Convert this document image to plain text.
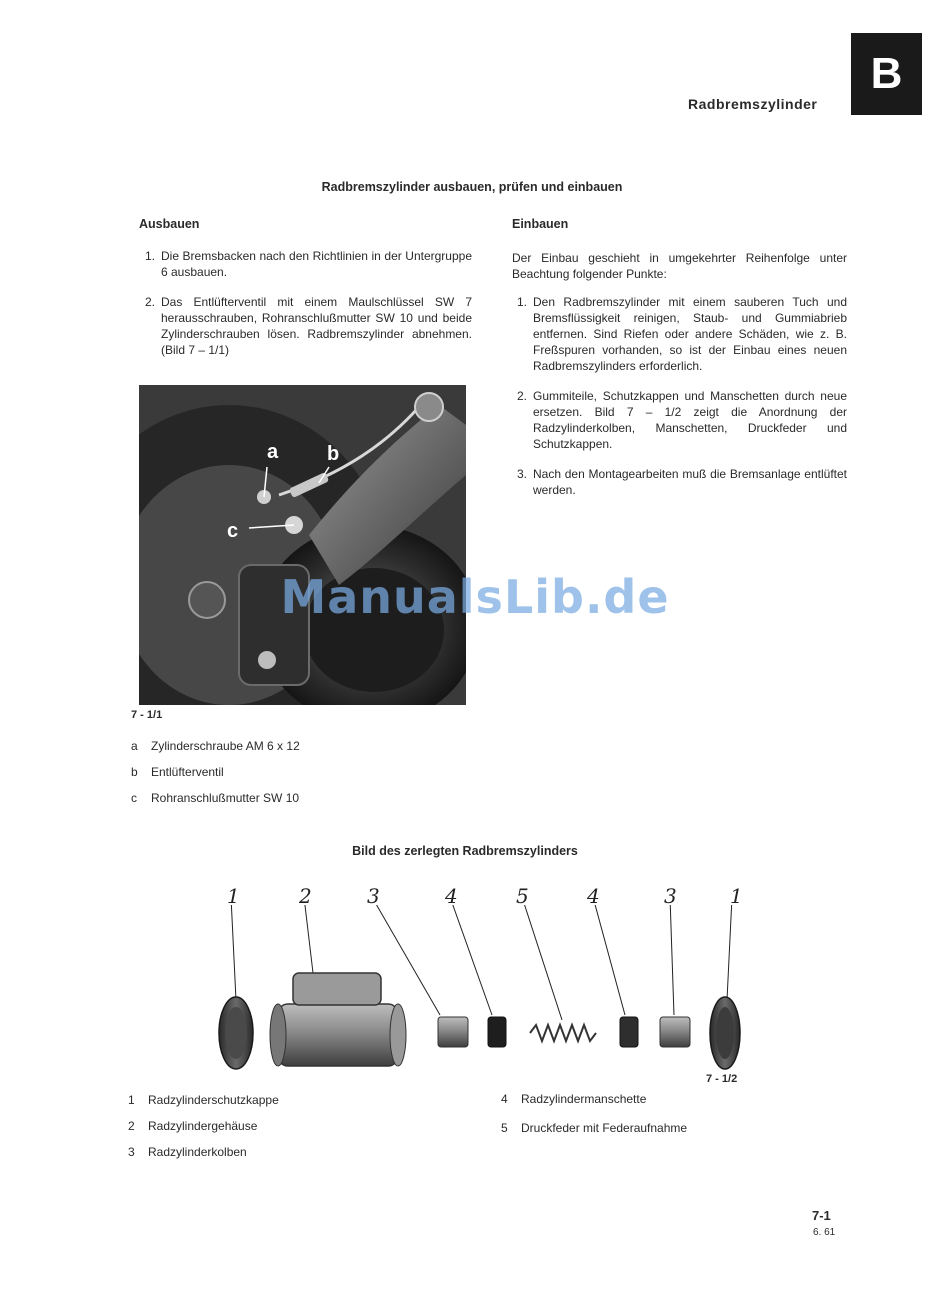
B
Radbremszylinder
Radbremszylinder ausbauen, prüfen und einbauen
Ausbauen
1. Die Bremsbacken nach den Richtlinien in der Untergruppe 6 ausbauen.
2. Das Entlüfterventil mit einem Maulschlüssel SW 7 herausschrauben, Rohranschlußmutter SW 10 und beide Zylinderschrauben lösen. Radbremszylinder abnehmen. (Bild 7 – 1/1)
Einbauen
Der Einbau geschieht in umgekehrter Reihenfolge unter Beachtung folgender Punkte:
1. Den Radbremszylinder mit einem sauberen Tuch und Bremsflüssigkeit reinigen, Staub- und Gummiabrieb entfernen. Sind Riefen oder andere Schäden, wie z. B. Freßspuren vorhanden, so ist der Einbau eines neuen Radbremszylinders erforderlich.
2. Gummiteile, Schutzkappen und Manschetten durch neue ersetzen. Bild 7 – 1/2 zeigt die Anordnung der Radzylinderkolben, Manschetten, Druckfeder und Schutzkappen.
3. Nach den Montagearbeiten muß die Bremsanlage entlüftet werden.
a b
c
7 - 1/1
a Zylinderschraube AM 6 x 12
b Entlüfterventil
c Rohranschlußmutter SW 10
ManualsLib.de
Bild des zerlegten Radbremszylinders
1	2	3	4	5	4	3	1
7 - 1/2
1 Radzylinderschutzkappe
2 Radzylindergehäuse
3 Radzylinderkolben
4 Radzylindermanschette
5 Druckfeder mit Federaufnahme
7-1
6. 61
